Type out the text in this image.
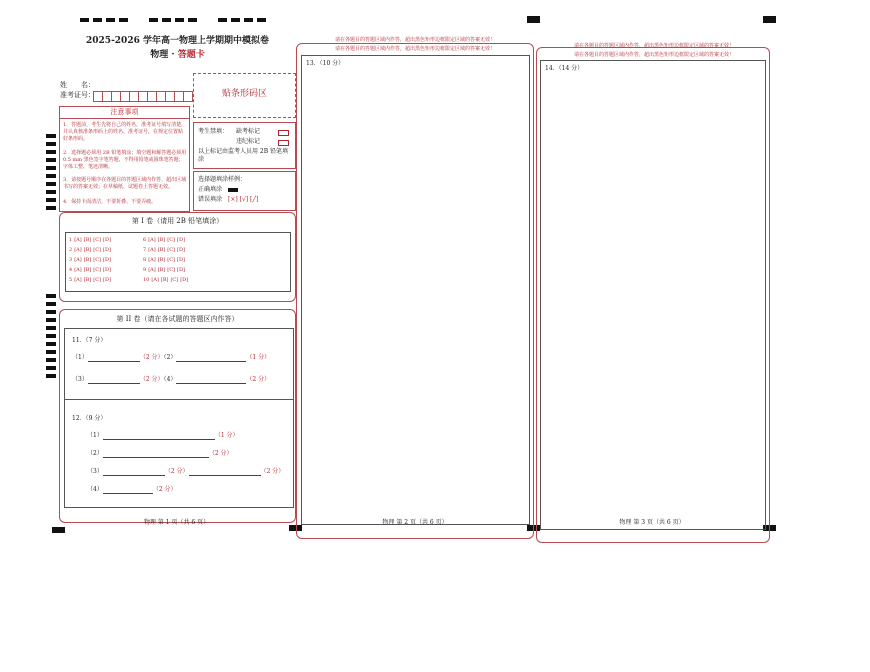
2025-2026 学年高一物理上学期期中模拟卷
物理 · 答题卡
姓　　名：
准考证号：	贴条形码区
注意事项
1．答题前，考生先将自己的姓名，准考证号填写清楚，并认真核准条形码上的姓名、准考证号，在规定位置贴好条形码。
2．选择题必须用 2B 铅笔填涂；填空题和解答题必须用 0.5 mm 黑色签字笔答题，不得用铅笔或圆珠笔答题；字体工整、笔迹清晰。
3．请按题号顺序在各题目的答题区域内作答，超出区域书写的答案无效；在草稿纸、试题卷上答题无效。
4．保持卡面清洁，不要折叠、不要弄破。
考生禁填： 缺考标记
违纪标记
以上标记由监考人员用 2B 铅笔填涂
选择题填涂样例：
正确填涂
错误填涂 [×] [√] [╱]
第 I 卷（请用 2B 铅笔填涂）
1 [A] [B] [C] [D]
2 [A] [B] [C] [D]
3 [A] [B] [C] [D]
4 [A] [B] [C] [D]
5 [A] [B] [C] [D]
6 [A] [B] [C] [D]
7 [A] [B] [C] [D]
8 [A] [B] [C] [D]
9 [A] [B] [C] [D]
10 [A] [B] [C] [D]
第 II 卷（请在各试题的答题区内作答）
11．（7 分）
（1）	（2 分）（2）	（1 分）
（3）	（2 分）（4）	（2 分）
12．（9 分）
（1）	（1 分）
（2）	（2 分）
（3）	（2 分）	（2 分）
（4）	（2 分）
物理 第 1 页（共 6 页）
请在各题目的答题区域内作答，超出黑色矩形边框限定区域的答案无效！
请在各题目的答题区域内作答，超出黑色矩形边框限定区域的答案无效！
13．（10 分）
物理 第 2 页（共 6 页）
请在各题目的答题区域内作答，超出黑色矩形边框限定区域的答案无效！
请在各题目的答题区域内作答，超出黑色矩形边框限定区域的答案无效！
14．（14 分）
物理 第 3 页（共 6 页）
